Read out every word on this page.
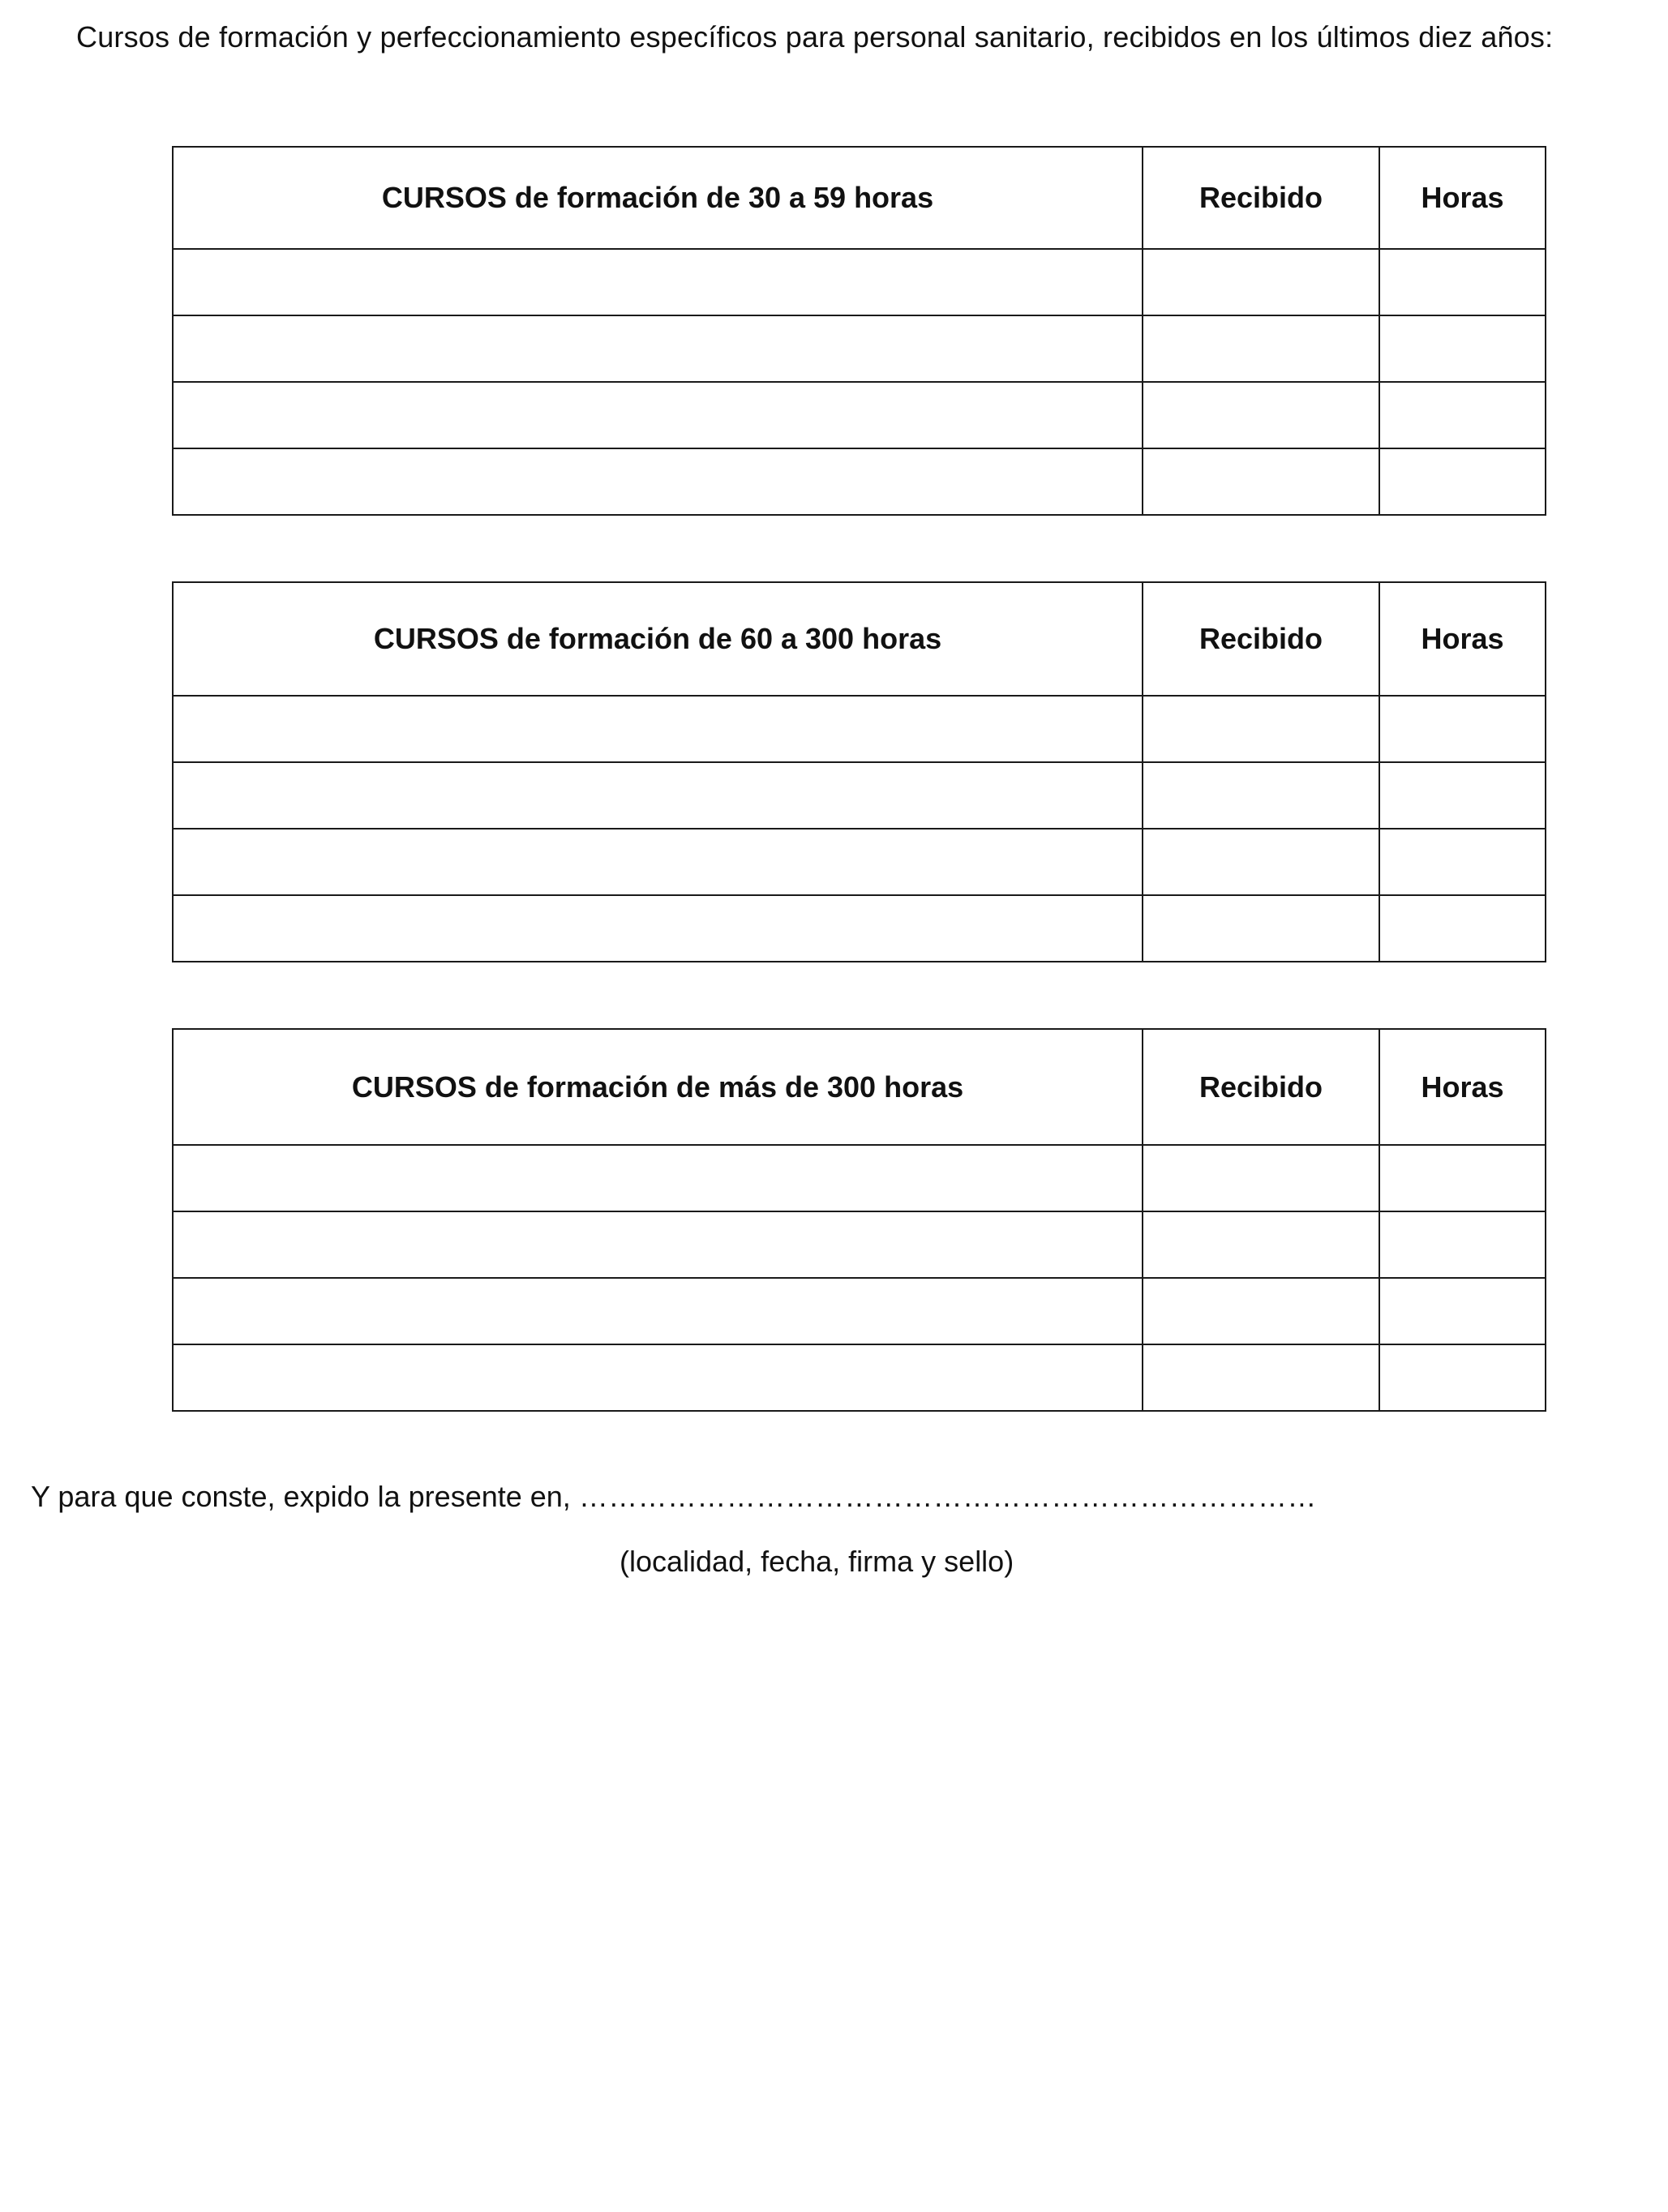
Cursos de formación y perfeccionamiento específicos para personal sanitario, recibidos en los últimos diez años:
CURSOS de formación de 30 a 59 horas	Recibido	Horas

CURSOS de formación de 60 a 300 horas	Recibido	Horas

CURSOS de formación de más de 300 horas	Recibido	Horas

Y para que conste, expido la presente en, …………………………………………………………………
(localidad, fecha, firma y sello)
